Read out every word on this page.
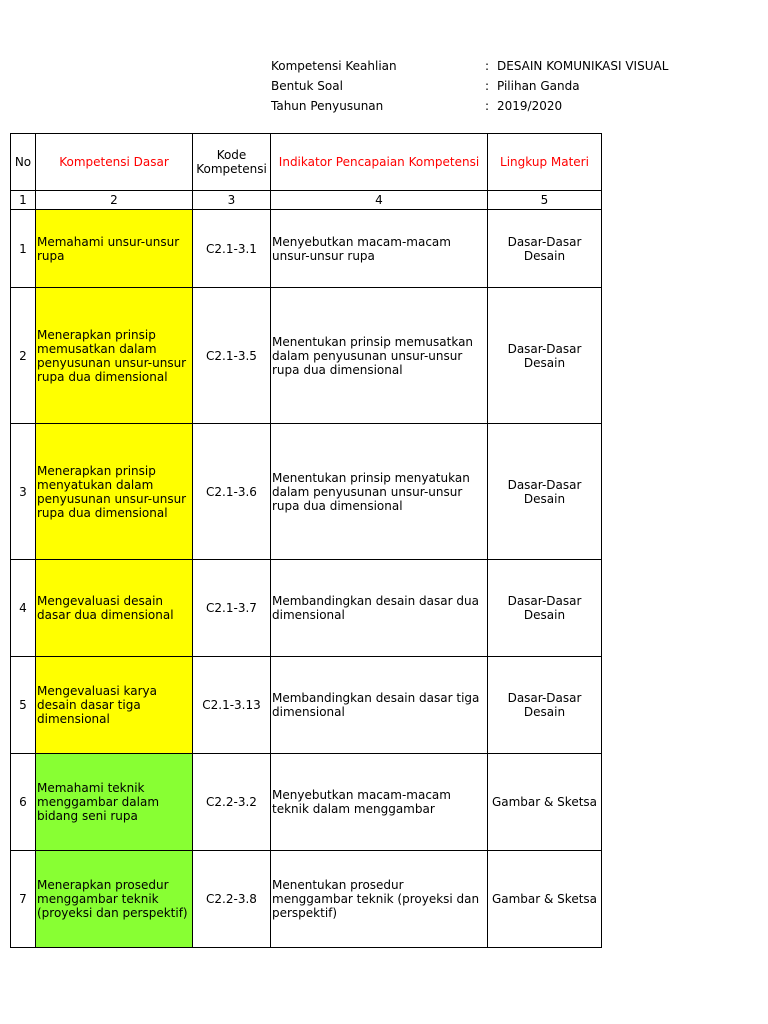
Kompetensi Keahlian	: DESAIN KOMUNIKASI VISUAL
Bentuk Soal	: Pilihan Ganda
Tahun Penyusunan	: 2019/2020
No	Kompetensi Dasar	Kode Kompetensi	Indikator Pencapaian Kompetensi	Lingkup Materi
1	2	3	4	5
1	Memahami unsur-unsur rupa	C2.1-3.1	Menyebutkan macam-macam unsur-unsur rupa	Dasar-Dasar Desain
2	Menerapkan prinsip memusatkan dalam penyusunan unsur-unsur rupa dua dimensional	C2.1-3.5	Menentukan prinsip memusatkan dalam penyusunan unsur-unsur rupa dua dimensional	Dasar-Dasar Desain
3	Menerapkan prinsip menyatukan dalam penyusunan unsur-unsur rupa dua dimensional	C2.1-3.6	Menentukan prinsip menyatukan dalam penyusunan unsur-unsur rupa dua dimensional	Dasar-Dasar Desain
4	Mengevaluasi desain dasar dua dimensional	C2.1-3.7	Membandingkan desain dasar dua dimensional	Dasar-Dasar Desain
5	Mengevaluasi karya desain dasar tiga dimensional	C2.1-3.13	Membandingkan desain dasar tiga dimensional	Dasar-Dasar Desain
6	Memahami teknik menggambar dalam bidang seni rupa	C2.2-3.2	Menyebutkan macam-macam teknik dalam menggambar	Gambar & Sketsa
7	Menerapkan prosedur menggambar teknik (proyeksi dan perspektif)	C2.2-3.8	Menentukan prosedur menggambar teknik (proyeksi dan perspektif)	Gambar & Sketsa
